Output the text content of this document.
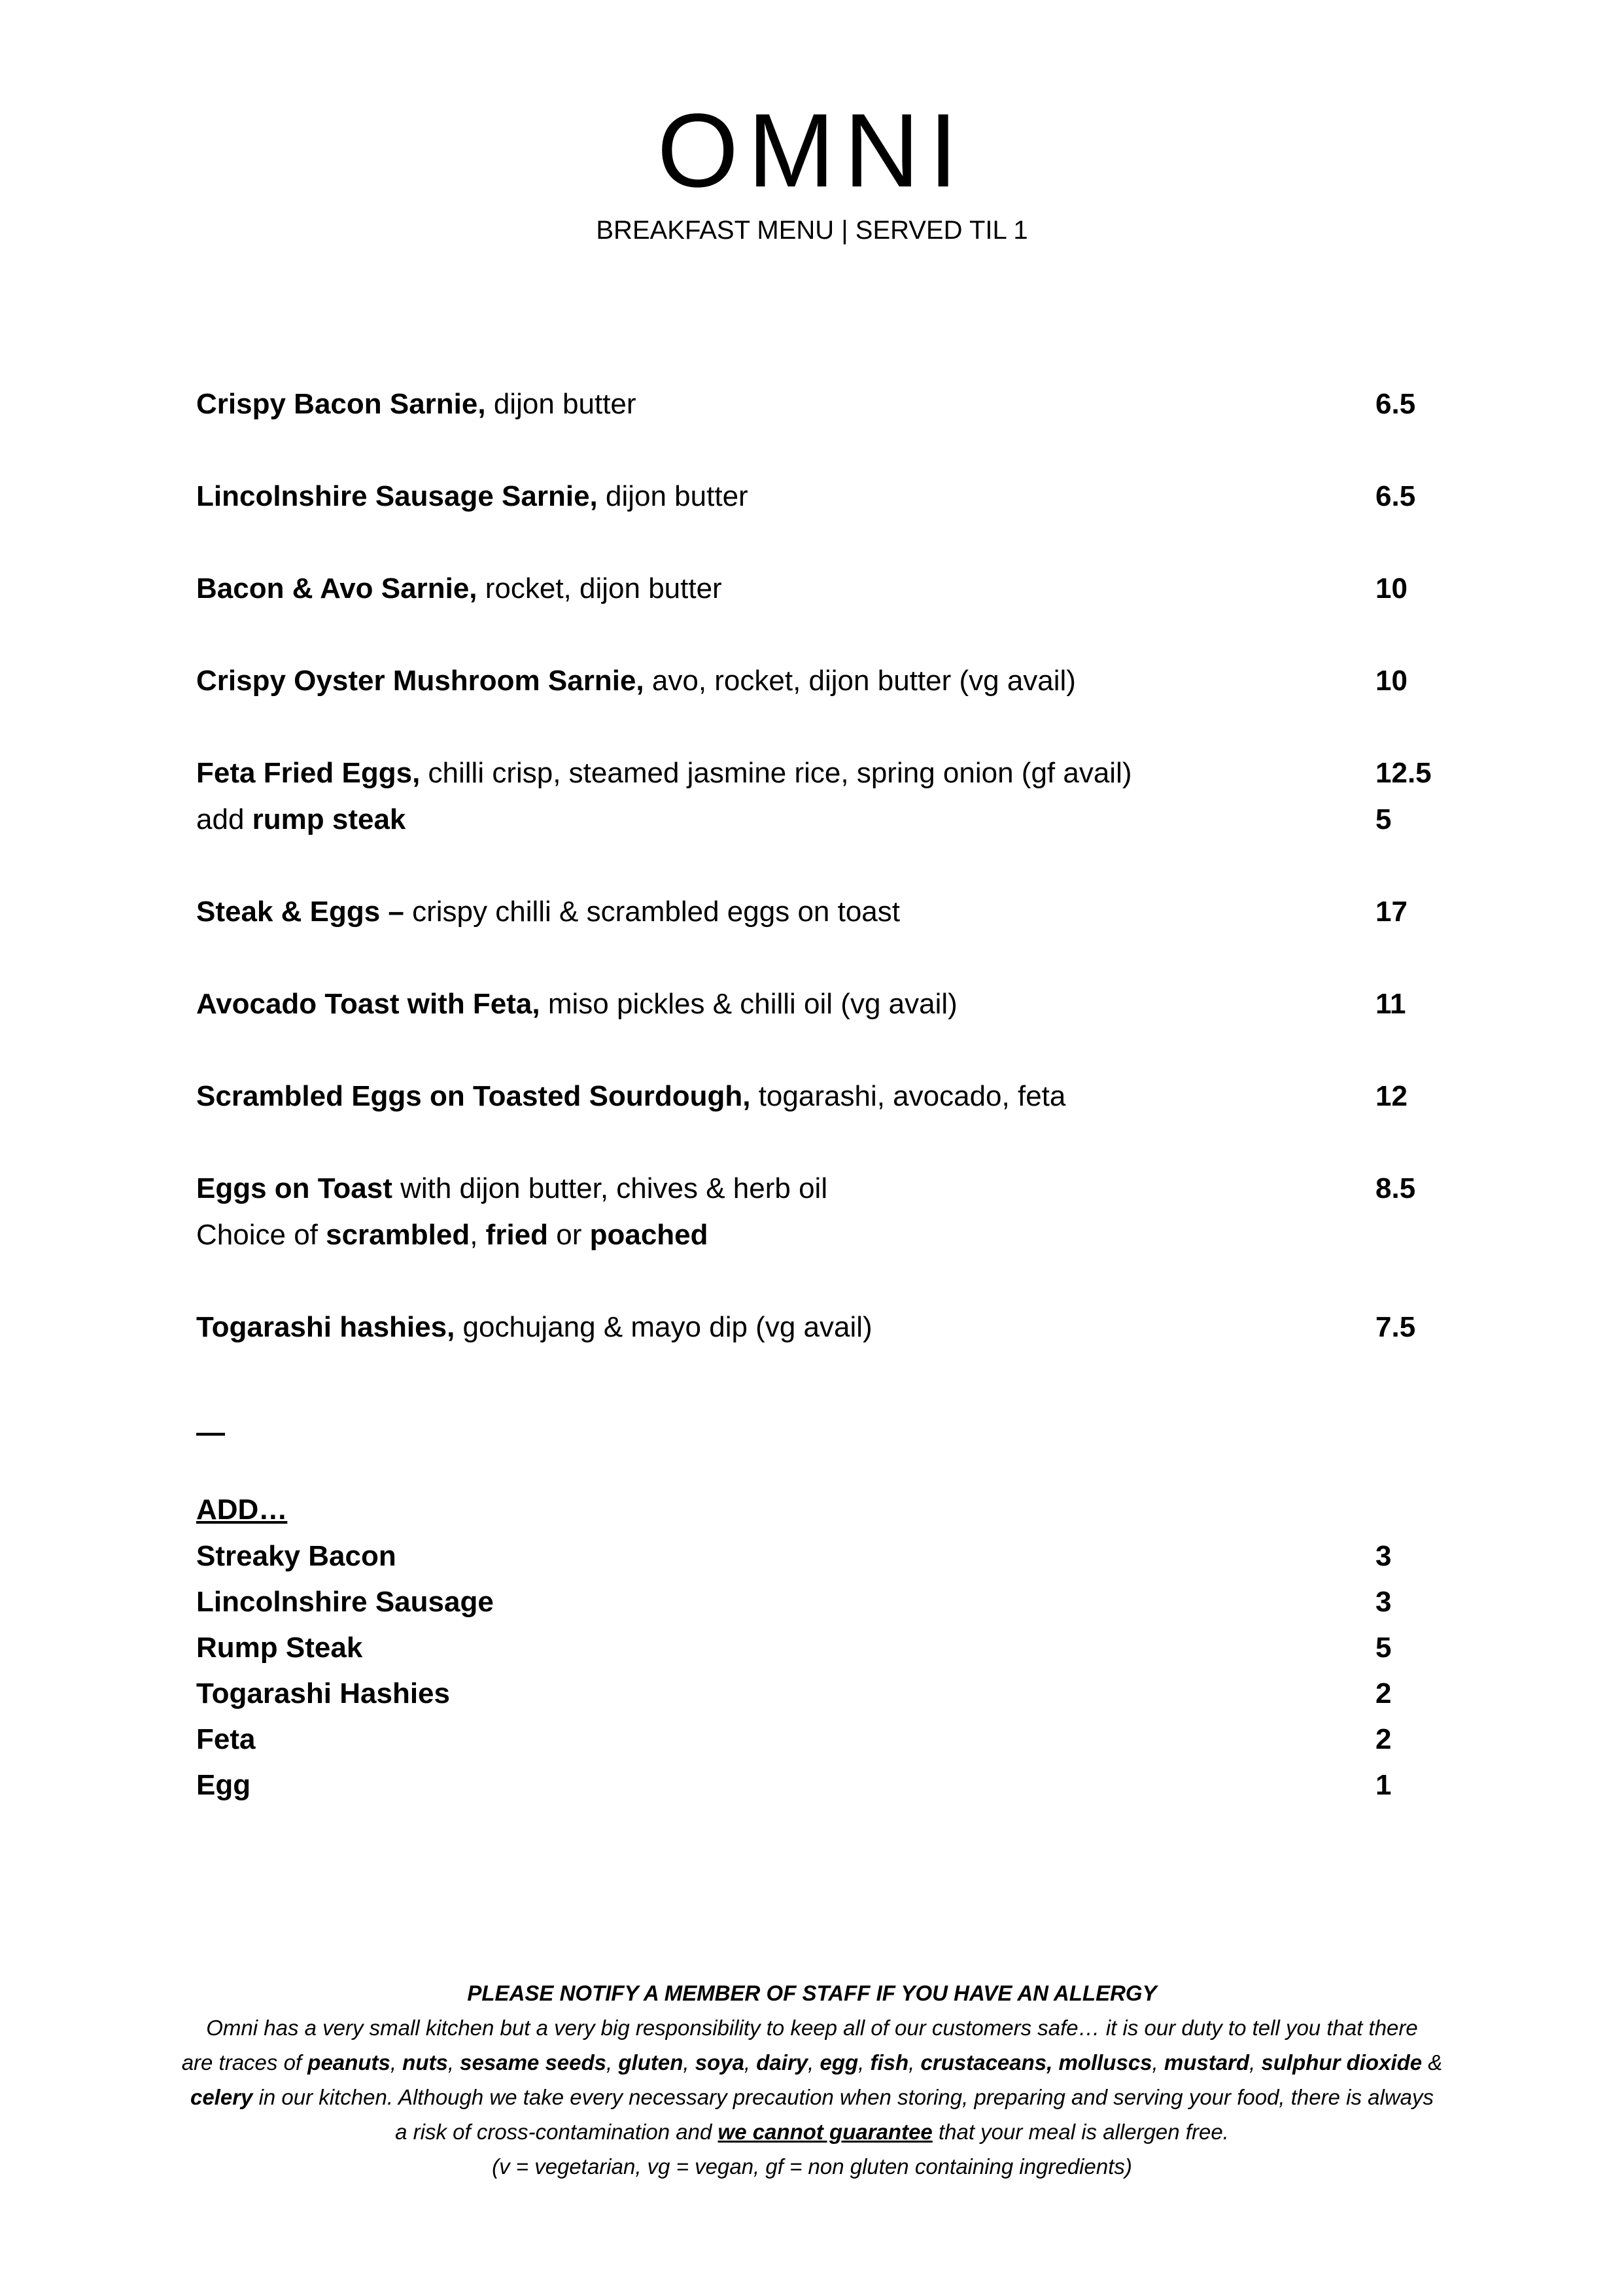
OMNI
BREAKFAST MENU | SERVED TIL 1
Crispy Bacon Sarnie, dijon butter	6.5
Lincolnshire Sausage Sarnie, dijon butter	6.5
Bacon & Avo Sarnie, rocket, dijon butter	10
Crispy Oyster Mushroom Sarnie, avo, rocket, dijon butter (vg avail)	10
Feta Fried Eggs, chilli crisp, steamed jasmine rice, spring onion (gf avail)	12.5
add rump steak	5
Steak & Eggs – crispy chilli & scrambled eggs on toast	17
Avocado Toast with Feta, miso pickles & chilli oil (vg avail)	11
Scrambled Eggs on Toasted Sourdough, togarashi, avocado, feta	12
Eggs on Toast with dijon butter, chives & herb oil	8.5
Choice of scrambled, fried or poached
Togarashi hashies, gochujang & mayo dip (vg avail)	7.5
—
ADD…
Streaky Bacon	3
Lincolnshire Sausage	3
Rump Steak	5
Togarashi Hashies	2
Feta	2
Egg	1
PLEASE NOTIFY A MEMBER OF STAFF IF YOU HAVE AN ALLERGY
Omni has a very small kitchen but a very big responsibility to keep all of our customers safe… it is our duty to tell you that there
are traces of peanuts, nuts, sesame seeds, gluten, soya, dairy, egg, fish, crustaceans, molluscs, mustard, sulphur dioxide &
celery in our kitchen. Although we take every necessary precaution when storing, preparing and serving your food, there is always
a risk of cross-contamination and we cannot guarantee that your meal is allergen free.
(v = vegetarian, vg = vegan, gf = non gluten containing ingredients)
